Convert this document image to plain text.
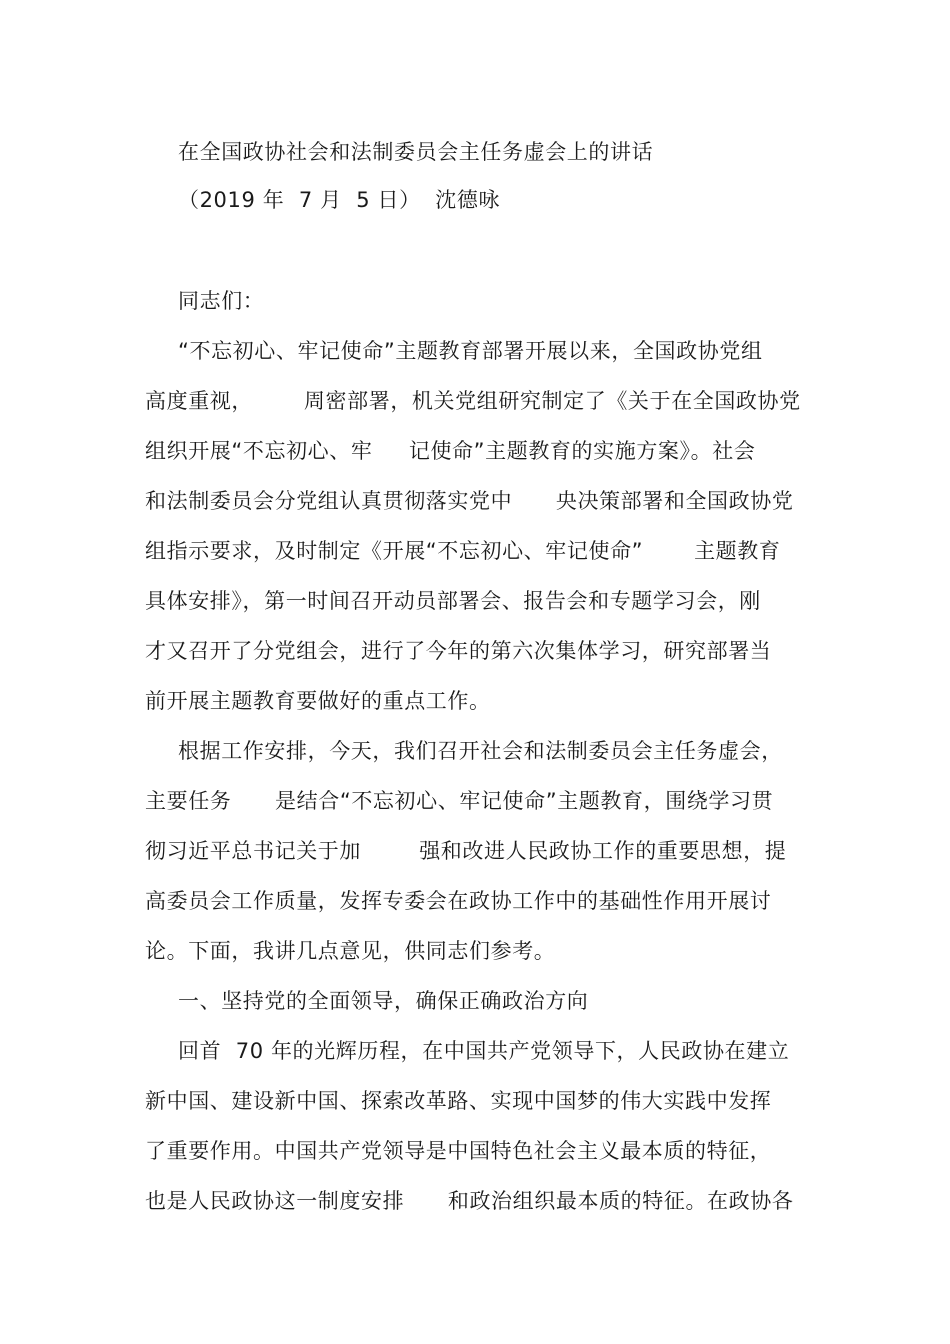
在全国政协社会和法制委员会主任务虚会上的讲话
（2019 年  7 月  5 日）  沈德咏
同志们：
“不忘初心、牢记使命”主题教育部署开展以来，全国政协党组
高度重视，       周密部署，机关党组研究制定了《关于在全国政协党
组织开展“不忘初心、牢     记使命”主题教育的实施方案》。社会
和法制委员会分党组认真贯彻落实党中      央决策部署和全国政协党
组指示要求，及时制定《开展“不忘初心、牢记使命”       主题教育
具体安排》，第一时间召开动员部署会、报告会和专题学习会，刚
才又召开了分党组会，进行了今年的第六次集体学习，研究部署当
前开展主题教育要做好的重点工作。
根据工作安排，今天，我们召开社会和法制委员会主任务虚会，
主要任务      是结合“不忘初心、牢记使命”主题教育，围绕学习贯
彻习近平总书记关于加        强和改进人民政协工作的重要思想，提
高委员会工作质量，发挥专委会在政协工作中的基础性作用开展讨
论。下面，我讲几点意见，供同志们参考。
一、坚持党的全面领导，确保正确政治方向
回首  70 年的光辉历程，在中国共产党领导下，人民政协在建立
新中国、建设新中国、探索改革路、实现中国梦的伟大实践中发挥
了重要作用。中国共产党领导是中国特色社会主义最本质的特征，
也是人民政协这一制度安排      和政治组织最本质的特征。在政协各
